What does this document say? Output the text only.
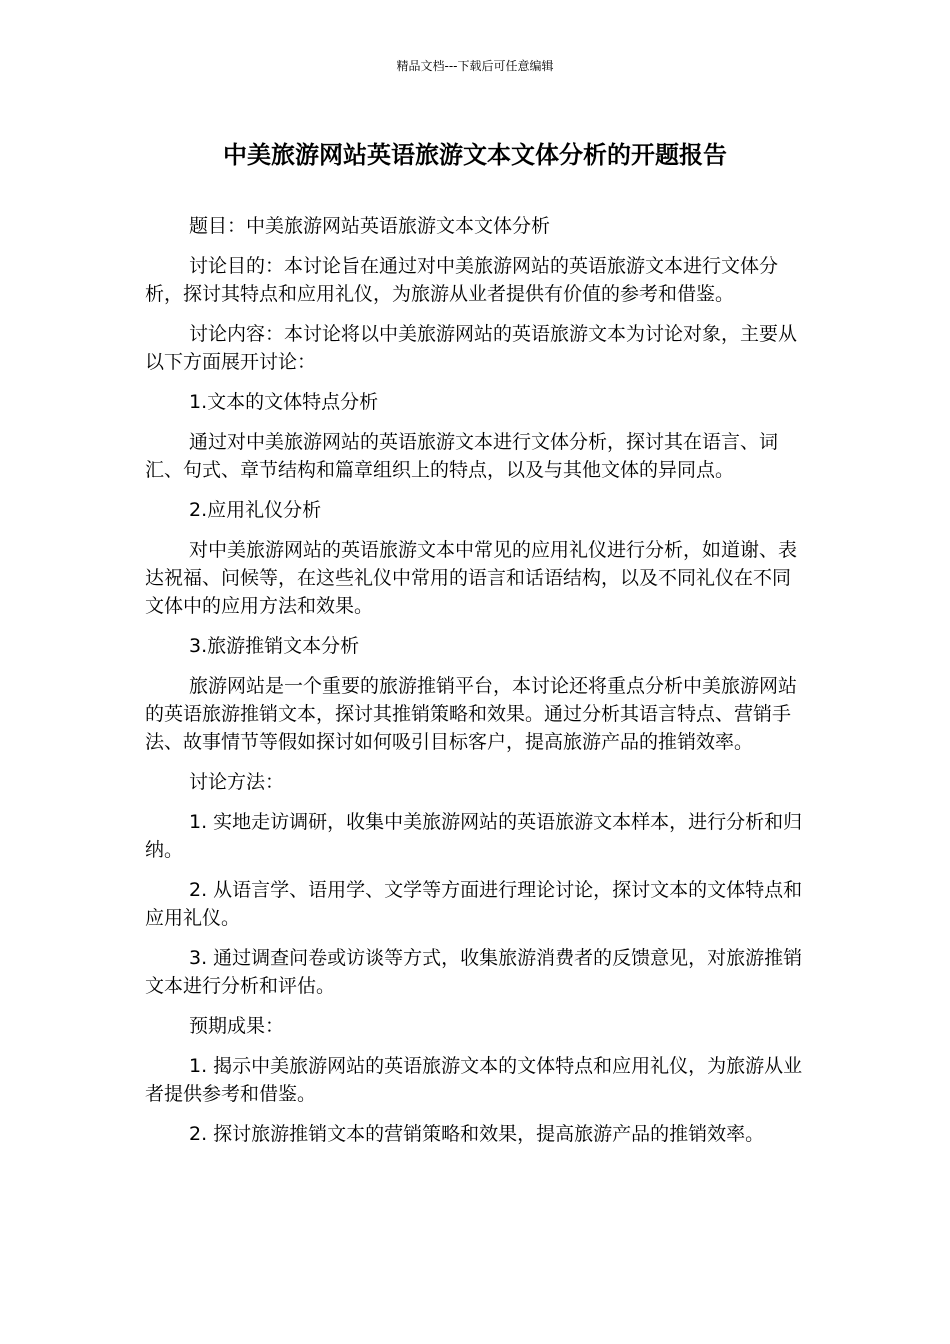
精品文档---下载后可任意编辑
中美旅游网站英语旅游文本文体分析的开题报告

题目：中美旅游网站英语旅游文本文体分析

讨论目的：本讨论旨在通过对中美旅游网站的英语旅游文本进行文体分析，探讨其特点和应用礼仪，为旅游从业者提供有价值的参考和借鉴。

讨论内容：本讨论将以中美旅游网站的英语旅游文本为讨论对象，主要从以下方面展开讨论：

1.文本的文体特点分析

通过对中美旅游网站的英语旅游文本进行文体分析，探讨其在语言、词汇、句式、章节结构和篇章组织上的特点，以及与其他文体的异同点。

2.应用礼仪分析

对中美旅游网站的英语旅游文本中常见的应用礼仪进行分析，如道谢、表达祝福、问候等，在这些礼仪中常用的语言和话语结构，以及不同礼仪在不同文体中的应用方法和效果。

3.旅游推销文本分析

旅游网站是一个重要的旅游推销平台，本讨论还将重点分析中美旅游网站的英语旅游推销文本，探讨其推销策略和效果。通过分析其语言特点、营销手法、故事情节等假如探讨如何吸引目标客户，提高旅游产品的推销效率。

讨论方法：

1. 实地走访调研，收集中美旅游网站的英语旅游文本样本，进行分析和归纳。

2. 从语言学、语用学、文学等方面进行理论讨论，探讨文本的文体特点和应用礼仪。

3. 通过调查问卷或访谈等方式，收集旅游消费者的反馈意见，对旅游推销文本进行分析和评估。

预期成果：

1. 揭示中美旅游网站的英语旅游文本的文体特点和应用礼仪，为旅游从业者提供参考和借鉴。

2. 探讨旅游推销文本的营销策略和效果，提高旅游产品的推销效率。
